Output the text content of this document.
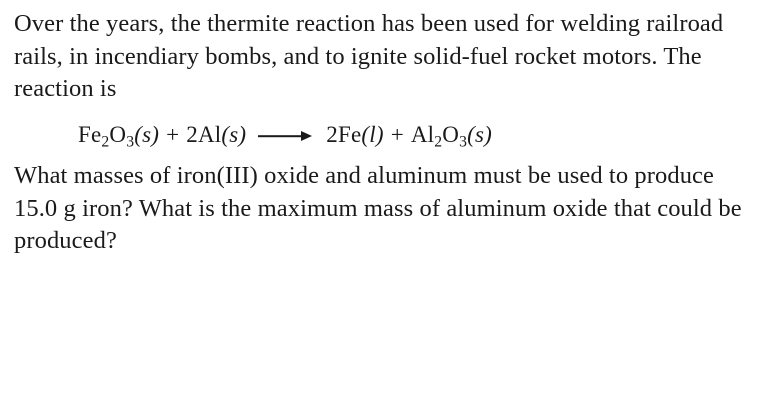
Over the years, the thermite reaction has been used for welding railroad rails, in incendiary bombs, and to ignite solid-fuel rocket motors. The reaction is

$Fe_2O_3(s) + 2Al(s)$	$2Fe(l) + Al_2O_3(s)$

What masses of iron(III) oxide and aluminum must be used to produce 15.0 g iron? What is the maximum mass of aluminum oxide that could be produced?
